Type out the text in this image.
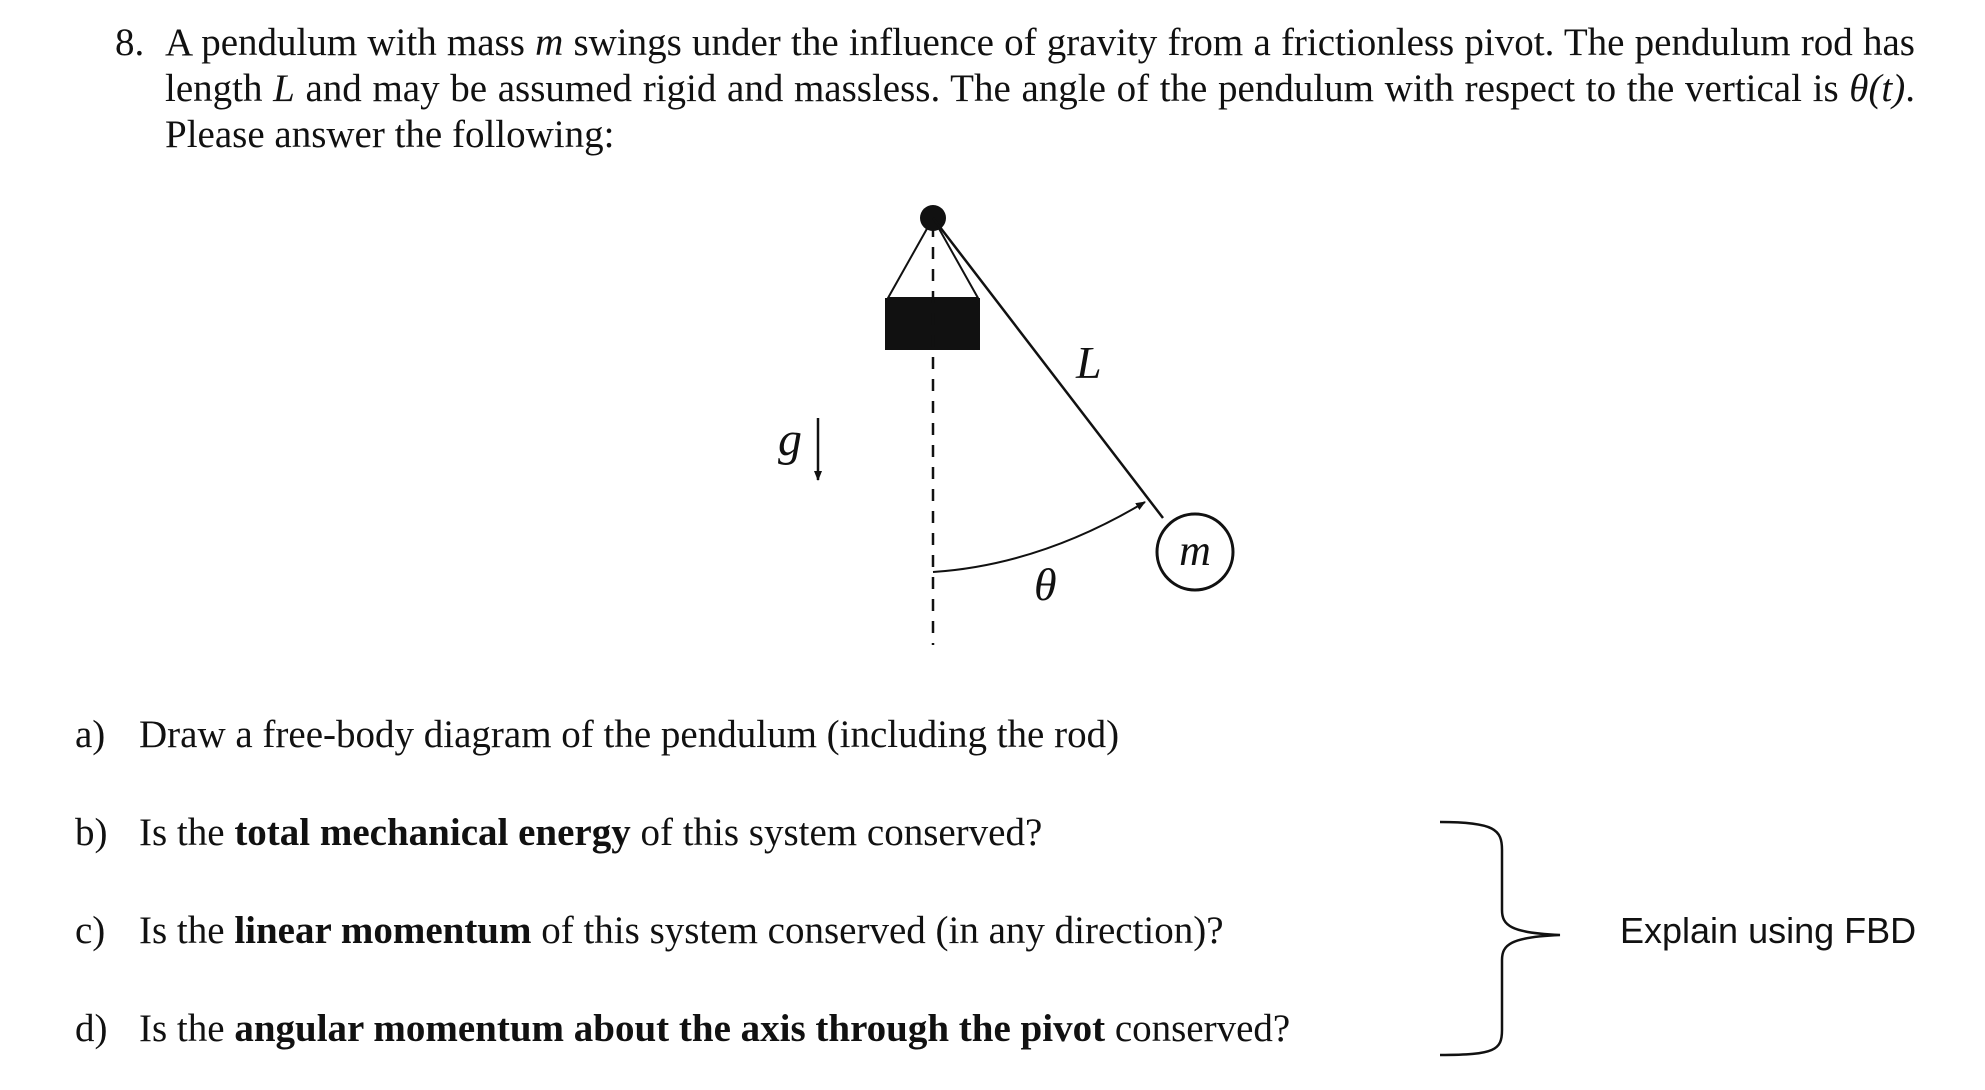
8. A pendulum with mass m swings under the influence of gravity from a frictionless pivot. The pendulum rod has length L and may be assumed rigid and massless. The angle of the pendulum with respect to the vertical is θ(t). Please answer the following:
g
L
m
θ
a) Draw a free-body diagram of the pendulum (including the rod)
b) Is the total mechanical energy of this system conserved?
c) Is the linear momentum of this system conserved (in any direction)?
d) Is the angular momentum about the axis through the pivot conserved?
Explain using FBD
